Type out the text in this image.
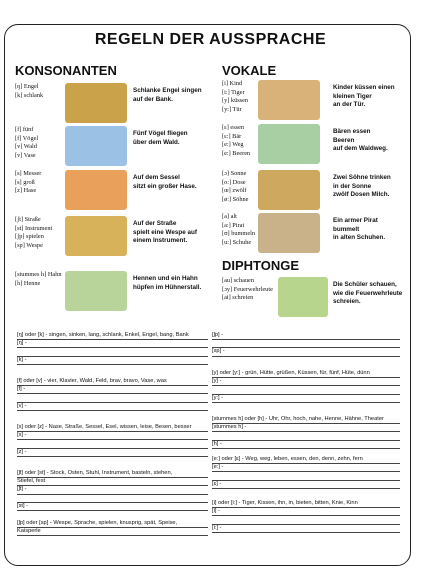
REGELN DER AUSSPRACHE
KONSONANTEN
[ŋ] Engel
[k] schlank
Schlanke Engel singen
auf der Bank.
[f] fünf
[f] Vögel
[v] Wald
[v] Vase
Fünf Vögel fliegen
über dem Wald.
[s] Messer
[s] groß
[z] Hase
Auf dem Sessel
sitzt ein großer Hase.
[ʃt] Straße
[st] Instrument
[ʃp] spielen
[sp] Wespe
Auf der Straße
spielt eine Wespe auf
einem Instrument.
[stummes h] Hahn
[h] Henne
Hennen und ein Hahn
hüpfen im Hühnerstall.
VOKALE
[i] Kind
[i:] Tiger
[y] küssen
[y:] Tür
Kinder küssen einen
kleinen Tiger
an der Tür.
[ɛ] essen
[ɛ:] Bär
[e:] Weg
[e:] Beeren
Bären essen
Beeren
auf dem Waldweg.
[ɔ] Sonne
[o:] Dose
[œ] zwölf
[ø:] Söhne
Zwei Söhne trinken
in der Sonne
zwölf Dosen Milch.
[a] alt
[a:] Pirat
[ʊ] bummeln
[u:] Schuhe
Ein armer Pirat
bummelt
in alten Schuhen.
DIPHTONGE
[au] schauen
[ɔy] Feuerwehrleute
[ai] schreien
Die Schüler schauen,
wie die Feuerwehrleute
schreien.
[ŋ] oder [k] - singen, sinken, lang, schlank, Enkel, Engel, bang, Bank
[ŋ] -
[k] -
[f] oder [v] - vier, Klavier, Wald, Feld, brav, bravo, Vase, was
[f] -
[v] -
[s] oder [z] - Nase, Straße, Sessel, Esel, wissen, leise, Besen, besser
[s] -
[z] -
[ʃt] oder [st] - Stock, Osten, Stuhl, Instrument, basteln, stehen,
Stiefel, fest
[ʃt] -
[st] -
[ʃp] oder [sp] - Wespe, Sprache, spielen, knusprig, spät, Speise,
Kaisperle
[ʃp] -
[sp] -
[y] oder [y:] - grün, Hütte, grüßen, Küssen, für, fünf, Hüte, dünn
[y] -
[y:] -
[stummes h] oder [h] - Uhr, Ohr, hoch, nahe, Henne, Hähne, Theater
[stummes h] -
[h] -
[e:] oder [ɛ] - Weg, weg, leben, essen, den, denn, zehn, fern
[e:] -
[ɛ] -
[i] oder [i:] - Tiger, Kissen, ihn, in, bieten, bitten, Knie, Kinn
[i] -
[i:] -
